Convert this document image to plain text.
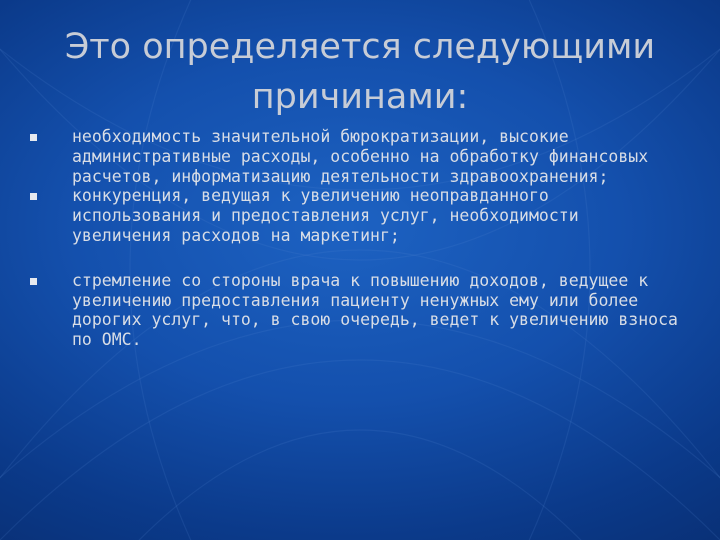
Это определяется следующими
причинами:
необходимость значительной бюрократизации, высокие административные расходы, особенно на обработку финансовых расчетов, информатизацию деятельности здравоохранения;
конкуренция, ведущая к увеличению неоправданного использования и предоставления услуг, необходимости увеличения расходов на маркетинг;
стремление со стороны врача к повышению доходов, ведущее к увеличению предоставления пациенту ненужных ему или более дорогих услуг, что, в свою очередь, ведет к увеличению взноса по ОМС.
